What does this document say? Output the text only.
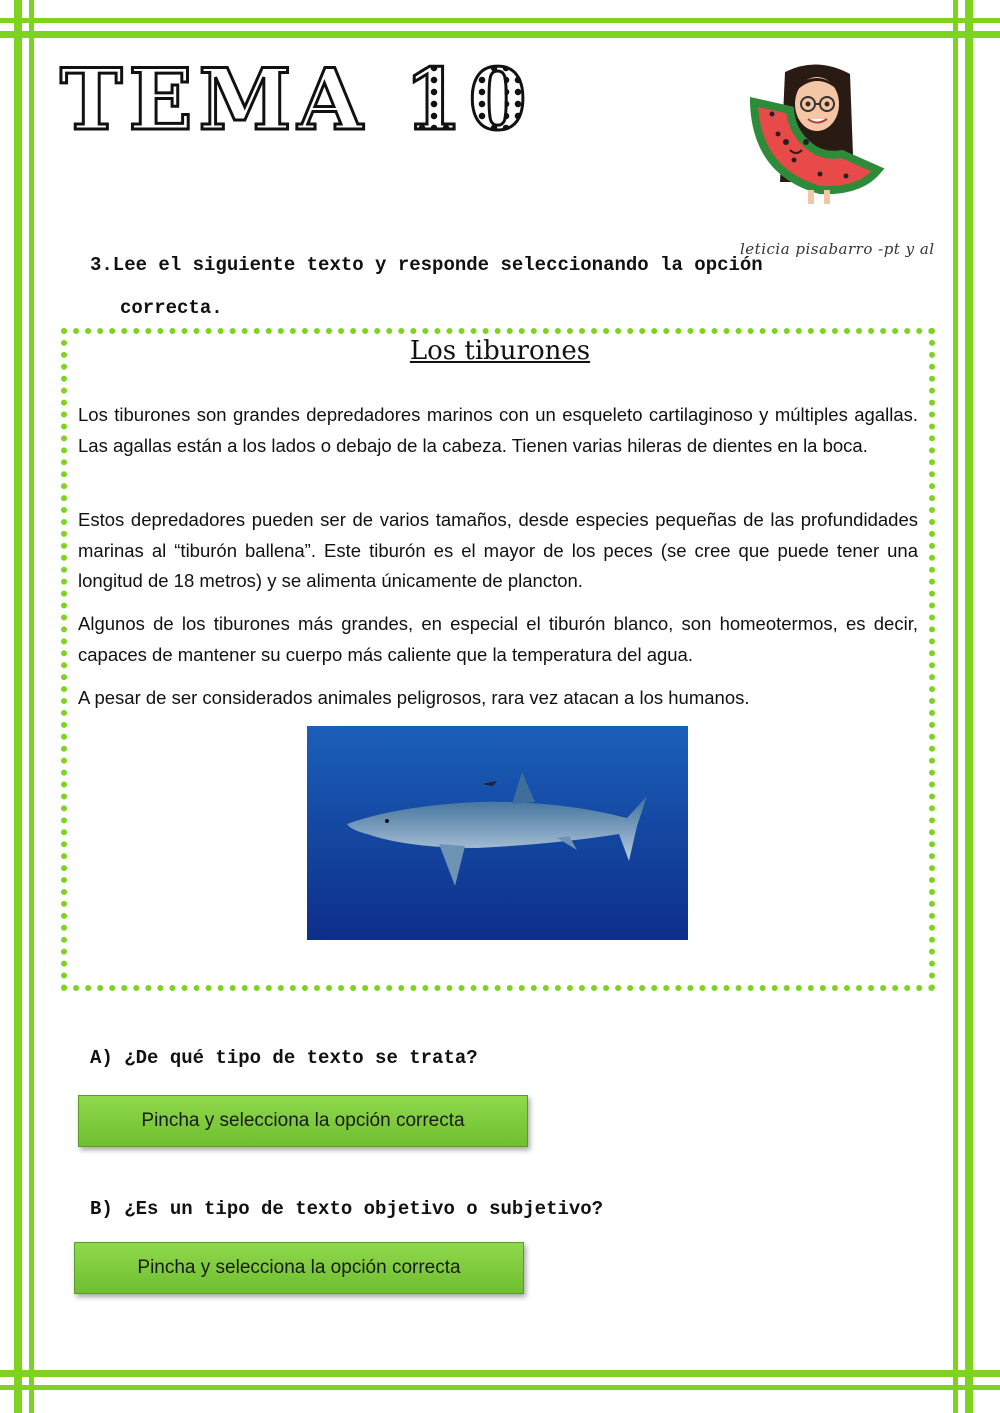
TEMA 10
leticia pisabarro -pt y al
3.Lee el siguiente texto y responde seleccionando la opción
correcta.
Los tiburones
Los tiburones son grandes depredadores marinos con un esqueleto cartilaginoso y múltiples agallas. Las agallas están a los lados o debajo de la cabeza. Tienen varias hileras de dientes en la boca.
Estos depredadores pueden ser de varios tamaños, desde especies pequeñas de las profundidades marinas al “tiburón ballena”. Este tiburón es el mayor de los peces (se cree que puede tener una longitud de 18 metros) y se alimenta únicamente de plancton.
Algunos de los tiburones más grandes, en especial el tiburón blanco, son homeotermos, es decir, capaces de mantener su cuerpo más caliente que la temperatura del agua.
A pesar de ser considerados animales peligrosos, rara vez atacan a los humanos.
A) ¿De qué tipo de texto se trata?
Pincha y selecciona la opción correcta
B) ¿Es un tipo de texto objetivo o subjetivo?
Pincha y selecciona la opción correcta
